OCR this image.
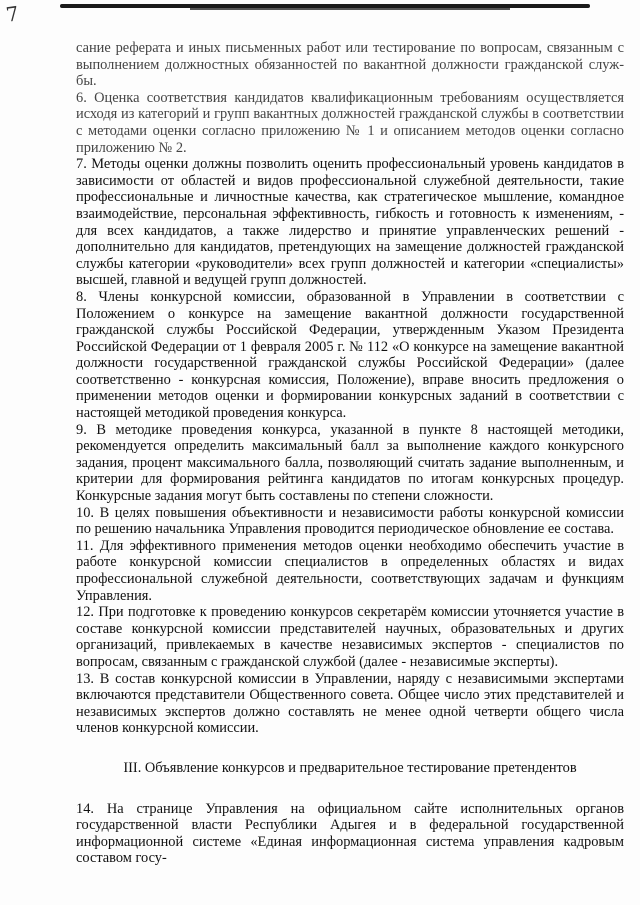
7

сание реферата и иных письменных работ или тестирование по вопросам, связанным с выполнением должностных обязанностей по вакантной должности гражданской служ-бы.

6. Оценка соответствия кандидатов квалификационным требованиям осуществляется исходя из категорий и групп вакантных должностей гражданской службы в соответствии с методами оценки согласно приложению № 1 и описанием методов оценки согласно приложению № 2.

7. Методы оценки должны позволить оценить профессиональный уровень кандидатов в зависимости от областей и видов профессиональной служебной деятельности, такие профессиональные и личностные качества, как стратегическое мышление, командное взаимодействие, персональная эффективность, гибкость и готовность к изменениям, - для всех кандидатов, а также лидерство и принятие управленческих решений - дополнительно для кандидатов, претендующих на замещение должностей гражданской службы категории «руководители» всех групп должностей и категории «специалисты» высшей, главной и ведущей групп должностей.

8. Члены конкурсной комиссии, образованной в Управлении в соответствии с Положением о конкурсе на замещение вакантной должности государственной гражданской службы Российской Федерации, утвержденным Указом Президента Российской Федерации от 1 февраля 2005 г. № 112 «О конкурсе на замещение вакантной должности государственной гражданской службы Российской Федерации» (далее соответственно - конкурсная комиссия, Положение), вправе вносить предложения о применении методов оценки и формировании конкурсных заданий в соответствии с настоящей методикой проведения конкурса.

9. В методике проведения конкурса, указанной в пункте 8 настоящей методики, рекомендуется определить максимальный балл за выполнение каждого конкурсного задания, процент максимального балла, позволяющий считать задание выполненным, и критерии для формирования рейтинга кандидатов по итогам конкурсных процедур. Конкурсные задания могут быть составлены по степени сложности.

10. В целях повышения объективности и независимости работы конкурсной комиссии по решению начальника Управления проводится периодическое обновление ее состава.

11. Для эффективного применения методов оценки необходимо обеспечить участие в работе конкурсной комиссии специалистов в определенных областях и видах профессиональной служебной деятельности, соответствующих задачам и функциям Управления.

12. При подготовке к проведению конкурсов секретарём комиссии уточняется участие в составе конкурсной комиссии представителей научных, образовательных и других организаций, привлекаемых в качестве независимых экспертов - специалистов по вопросам, связанным с гражданской службой (далее - независимые эксперты).

13. В состав конкурсной комиссии в Управлении, наряду с независимыми экспертами включаются представители Общественного совета. Общее число этих представителей и независимых экспертов должно составлять не менее одной четверти общего числа членов конкурсной комиссии.

III. Объявление конкурсов и предварительное тестирование претендентов

14. На странице Управления на официальном сайте исполнительных органов государственной власти Республики Адыгея и в федеральной государственной информационной системе «Единая информационная система управления кадровым составом госу-
